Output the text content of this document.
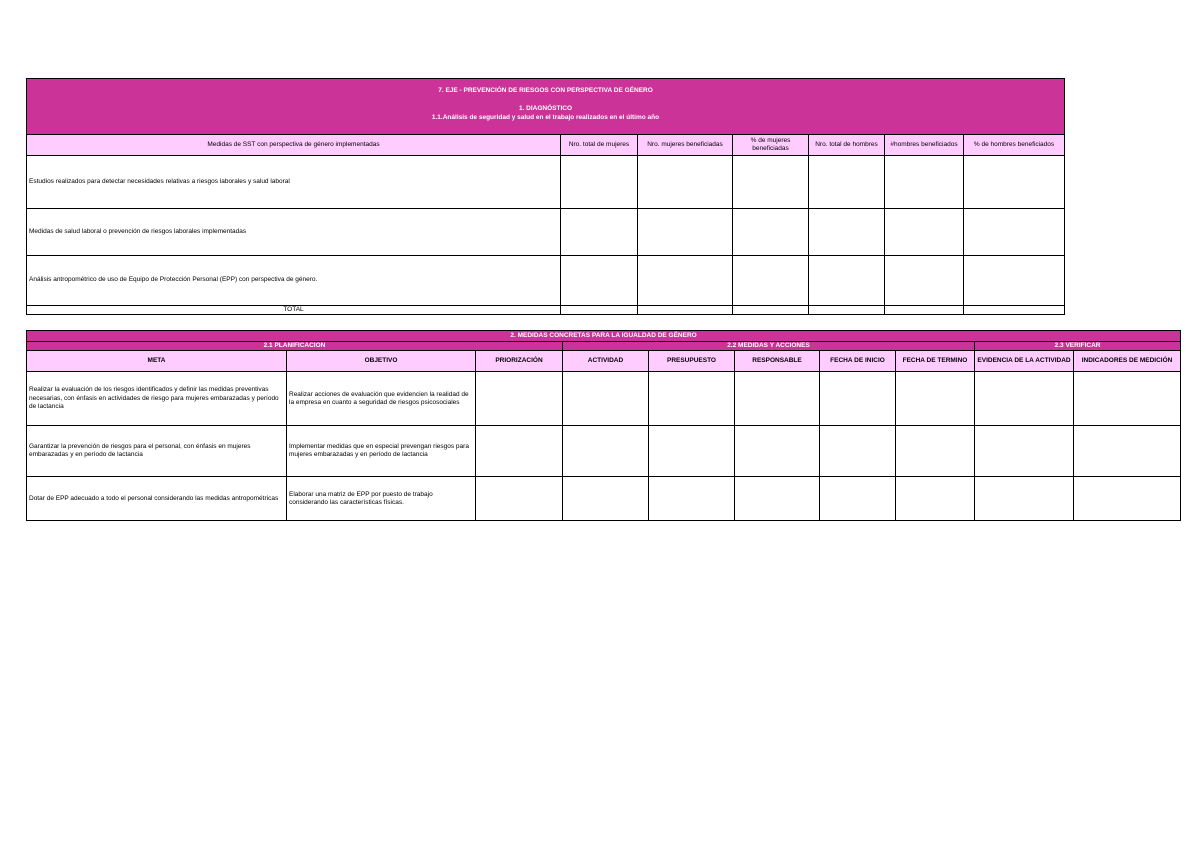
7. EJE - PREVENCIÓN DE RIESGOS CON PERSPECTIVA DE GÉNERO
1. DIAGNÓSTICO
1.1.Análisis de seguridad y salud en el trabajo realizados en el último año						

Medidas de SST con perspectiva de género implementadas	Nro. total de mujeres	Nro. mujeres beneficiadas	% de mujeres beneficiadas	Nro. total de hombres	#hombres beneficiados	% de hombres beneficiados
Estudios realizados para detectar necesidades relativas a riesgos laborales y salud laboral						
Medidas de salud laboral o prevención de riesgos laborales implementadas						
Análisis antropométrico de uso de Equipo de Protección Personal (EPP) con perspectiva de género.						
TOTAL						
2. MEDIDAS CONCRETAS PARA LA IGUALDAD DE GÉNERO									
2.1 PLANIFICACIÓN			2.2 MEDIDAS Y ACCIONES					2.3 VERIFICAR	
META	OBJETIVO	PRIORIZACIÓN	ACTIVIDAD	PRESUPUESTO	RESPONSABLE	FECHA DE INICIO	FECHA DE TERMINO	EVIDENCIA DE LA ACTIVIDAD	INDICADORES DE MEDICIÓN
Realizar la evaluación de los riesgos identificados y definir las medidas preventivas necesarias, con énfasis en actividades de riesgo para mujeres embarazadas y período de lactancia	Realizar acciones de evaluación que evidencien la realidad de la empresa en cuanto a seguridad de riesgos psicosociales								
Garantizar la prevención de riesgos para el personal, con énfasis en mujeres embarazadas y en período de lactancia	Implementar medidas que en especial prevengan riesgos para mujeres embarazadas y en período de lactancia								
Dotar de EPP adecuado a todo el personal considerando las medidas antropométricas	Elaborar una matriz de EPP por puesto de trabajo considerando las características físicas.								
